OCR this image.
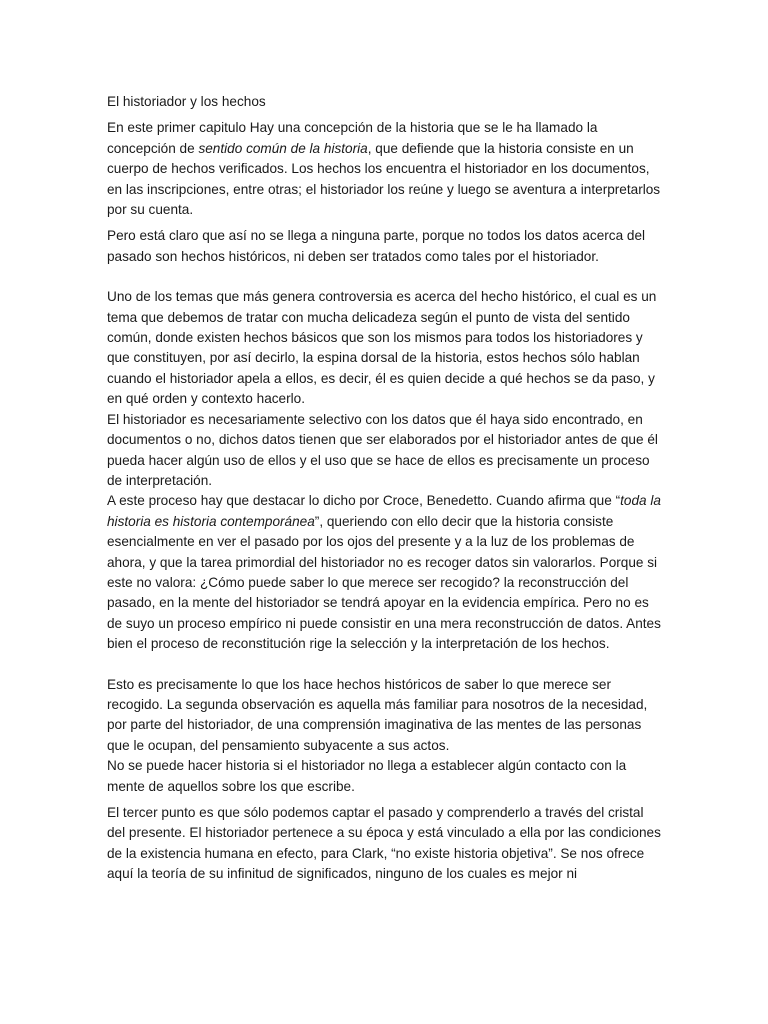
El historiador y los hechos

En este primer capitulo Hay una concepción de la historia que se le ha llamado la concepción de sentido común de la historia, que defiende que la historia consiste en un cuerpo de hechos verificados. Los hechos los encuentra el historiador en los documentos, en las inscripciones, entre otras; el historiador los reúne y luego se aventura a interpretarlos por su cuenta.

Pero está claro que así no se llega a ninguna parte, porque no todos los datos acerca del pasado son hechos históricos, ni deben ser tratados como tales por el historiador.

Uno de los temas que más genera controversia es acerca del hecho histórico, el cual es un tema que debemos de tratar con mucha delicadeza según el punto de vista del sentido común, donde existen hechos básicos que son los mismos para todos los historiadores y que constituyen, por así decirlo, la espina dorsal de la historia, estos hechos sólo hablan cuando el historiador apela a ellos, es decir, él es quien decide a qué hechos se da paso, y en qué orden y contexto hacerlo.

El historiador es necesariamente selectivo con los datos que él haya sido encontrado, en documentos o no, dichos datos tienen que ser elaborados por el historiador antes de que él pueda hacer algún uso de ellos y el uso que se hace de ellos es precisamente un proceso de interpretación.

A este proceso hay que destacar lo dicho por Croce, Benedetto. Cuando afirma que “toda la historia es historia contemporánea”, queriendo con ello decir que la historia consiste esencialmente en ver el pasado por los ojos del presente y a la luz de los problemas de ahora, y que la tarea primordial del historiador no es recoger datos sin valorarlos. Porque si este no valora: ¿Cómo puede saber lo que merece ser recogido? la reconstrucción del pasado, en la mente del historiador se tendrá apoyar en la evidencia empírica. Pero no es de suyo un proceso empírico ni puede consistir en una mera reconstrucción de datos. Antes bien el proceso de reconstitución rige la selección y la interpretación de los hechos.

Esto es precisamente lo que los hace hechos históricos de saber lo que merece ser recogido. La segunda observación es aquella más familiar para nosotros de la necesidad, por parte del historiador, de una comprensión imaginativa de las mentes de las personas que le ocupan, del pensamiento subyacente a sus actos.

No se puede hacer historia si el historiador no llega a establecer algún contacto con la mente de aquellos sobre los que escribe.

El tercer punto es que sólo podemos captar el pasado y comprenderlo a través del cristal del presente. El historiador pertenece a su época y está vinculado a ella por las condiciones de la existencia humana en efecto, para Clark, “no existe historia objetiva”. Se nos ofrece aquí la teoría de su infinitud de significados, ninguno de los cuales es mejor ni
